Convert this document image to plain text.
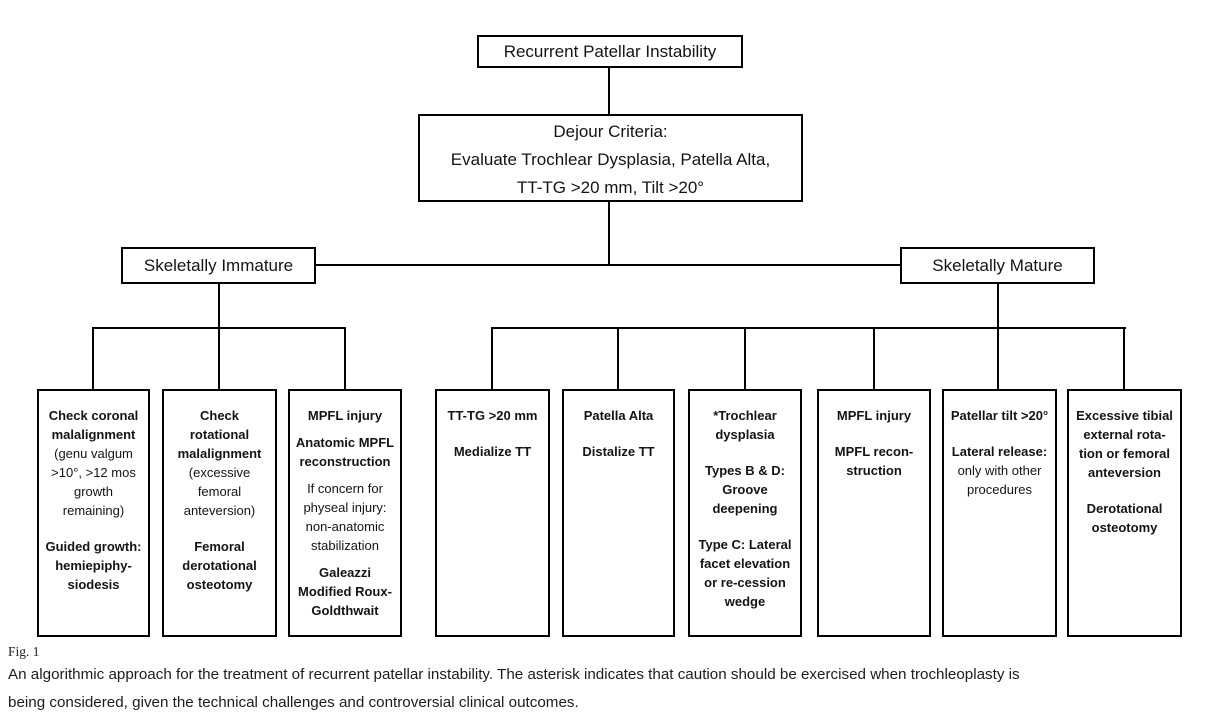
Recurrent Patellar Instability
Dejour Criteria:
Evaluate Trochlear Dysplasia, Patella Alta,
TT-TG >20 mm, Tilt >20°
Skeletally Immature	Skeletally Mature

Check coronal malalignment

(genu valgum >10°, >12 mos growth remaining)

Guided growth: hemiepiphy-siodesis

Check rotational malalignment

(excessive femoral anteversion)

Femoral derotational osteotomy

MPFL injury

Anatomic MPFL reconstruction

If concern for physeal injury: non-anatomic stabilization

Galeazzi Modified Roux-Goldthwait

TT-TG >20 mm

Medialize TT

Patella Alta

Distalize TT

*Trochlear dysplasia

Types B & D: Groove deepening

Type C: Lateral facet elevation or re-cession wedge

MPFL injury

MPFL recon-struction

Patellar tilt >20°

Lateral release:

only with other procedures

Excessive tibial external rota-tion or femoral anteversion

Derotational osteotomy

Fig. 1
An algorithmic approach for the treatment of recurrent patellar instability. The asterisk indicates that caution should be exercised when trochleoplasty is
being considered, given the technical challenges and controversial clinical outcomes.
